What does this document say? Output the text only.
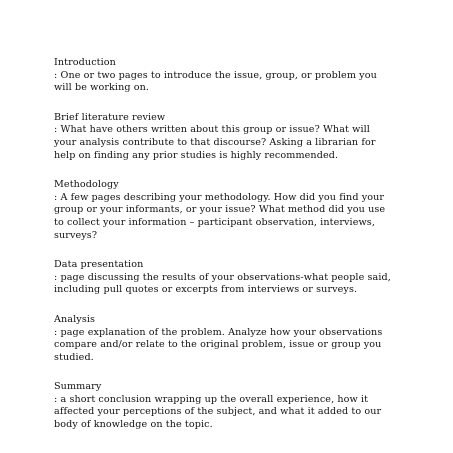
Introduction

: One or two pages to introduce the issue, group, or problem you will be working on.

Brief literature review

: What have others written about this group or issue? What will your analysis contribute to that discourse? Asking a librarian for help on finding any prior studies is highly recommended.

Methodology

: A few pages describing your methodology. How did you find your group or your informants, or your issue? What method did you use to collect your information – participant observation, interviews, surveys?

Data presentation

: page discussing the results of your observations-what people said, including pull quotes or excerpts from interviews or surveys.

Analysis

: page explanation of the problem. Analyze how your observations compare and/or relate to the original problem, issue or group you studied.

Summary

: a short conclusion wrapping up the overall experience, how it affected your perceptions of the subject, and what it added to our body of knowledge on the topic.
